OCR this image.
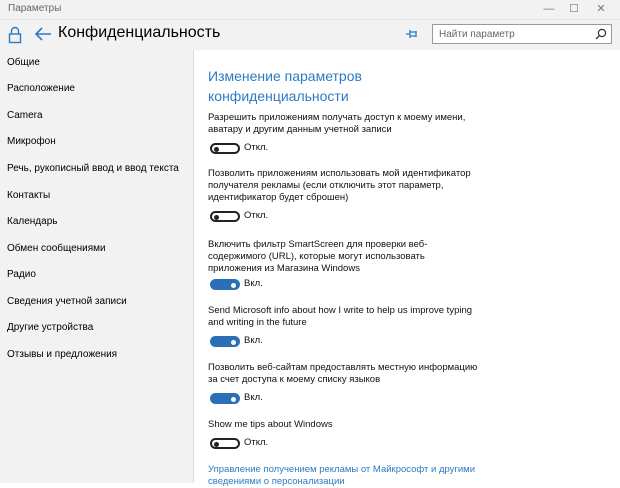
Параметры	—	☐	✕
Конфиденциальность
Найти параметр
Общие
Расположение
Camera
Микрофон
Речь, рукописный ввод и ввод текста
Контакты
Календарь
Обмен сообщениями
Радио
Сведения учетной записи
Другие устройства
Отзывы и предложения
Изменение параметров конфиденциальности
Разрешить приложениям получать доступ к моему имени, аватару и другим данным учетной записи
Откл.
Позволить приложениям использовать мой идентификатор получателя рекламы (если отключить этот параметр, идентификатор будет сброшен)
Откл.
Включить фильтр SmartScreen для проверки веб-содержимого (URL), которые могут использовать приложения из Магазина Windows
Вкл.
Send Microsoft info about how I write to help us improve typing and writing in the future
Вкл.
Позволить веб-сайтам предоставлять местную информацию за счет доступа к моему списку языков
Вкл.
Show me tips about Windows
Откл.
Управление получением рекламы от Майкрософт и другими сведениями о персонализации
